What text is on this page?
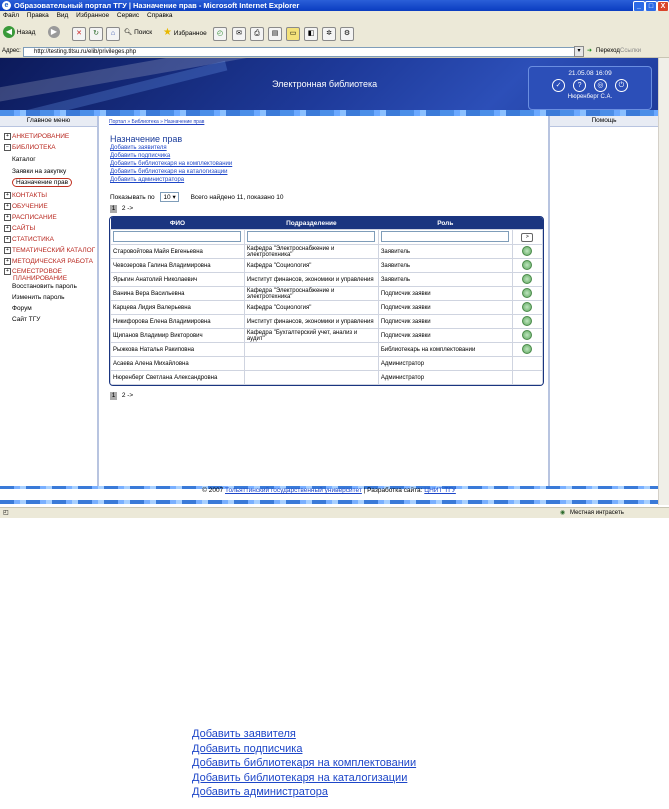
e Образовательный портал ТГУ | Назначение прав - Microsoft Internet Explorer	_	□	X
Файл Правка Вид Избранное Сервис Справка
◀ Назад	▶	✕	↻	⌂	🔍︎ Поиск ★ Избранное	◴	✉	⎙	▤	▭	◧	✲	⚙
Адрес:	http://testing.tltsu.ru/elib/privileges.php	▾	➜ Переход Ссылки
Электронная библиотека
21.05.08 16:09
✓ ? ◎ ⏻
Нюренберг С.А.
Главное меню
+ АНКЕТИРОВАНИЕ
− БИБЛИОТЕКА
Каталог
Заявки на закупку
Назначение прав
+ КОНТАКТЫ
+ ОБУЧЕНИЕ
+ РАСПИСАНИЕ
+ САЙТЫ
+ СТАТИСТИКА
+ ТЕМАТИЧЕСКИЙ КАТАЛОГ
+ МЕТОДИЧЕСКАЯ РАБОТА
+ СЕМЕСТРОВОЕ
ПЛАНИРОВАНИЕ
Восстановить пароль
Изменить пароль
Форум
Сайт ТГУ
Портал » Библиотека » Назначение прав
Назначение прав
Добавить заявителя
Добавить подписчика
Добавить библиотекаря на комплектовании
Добавить библиотекаря на каталогизации
Добавить администратора
Показывать по 10 ▾ Всего найдено 11, показано 10
1 2 ->
ФИО	Подразделение	Роль	
			>
Старовойтова Майя Евгеньевна	Кафедра "Электроснабжение и электротехника"	Заявитель	
Чевозерова Галина Владимировна	Кафедра "Социология"	Заявитель	
Ярыгин Анатолий Николаевич	Институт финансов, экономики и управления	Заявитель	
Ванина Вера Васильевна	Кафедра "Электроснабжение и электротехника"	Подписчик заявки	
Карцева Лидия Валерьевна	Кафедра "Социология"	Подписчик заявки	
Никифорова Елена Владимировна	Институт финансов, экономики и управления	Подписчик заявки	
Щипанов Владимир Викторович	Кафедра "Бухгалтерский учет, анализ и аудит"	Подписчик заявки	
Рыжкова Наталья Ракиповна		Библиотекарь на комплектовании	
Асаева Алена Михайловна		Администратор	
Нюренберг Светлана Александровна		Администратор	
1 2 ->
Помощь
© 2007 Тольяттинский государственный университет | Разработка сайта: ЦНИТ ТГУ
◰	◉ Местная интрасеть
Добавить заявителя
Добавить подписчика
Добавить библиотекаря на комплектовании
Добавить библиотекаря на каталогизации
Добавить администратора
